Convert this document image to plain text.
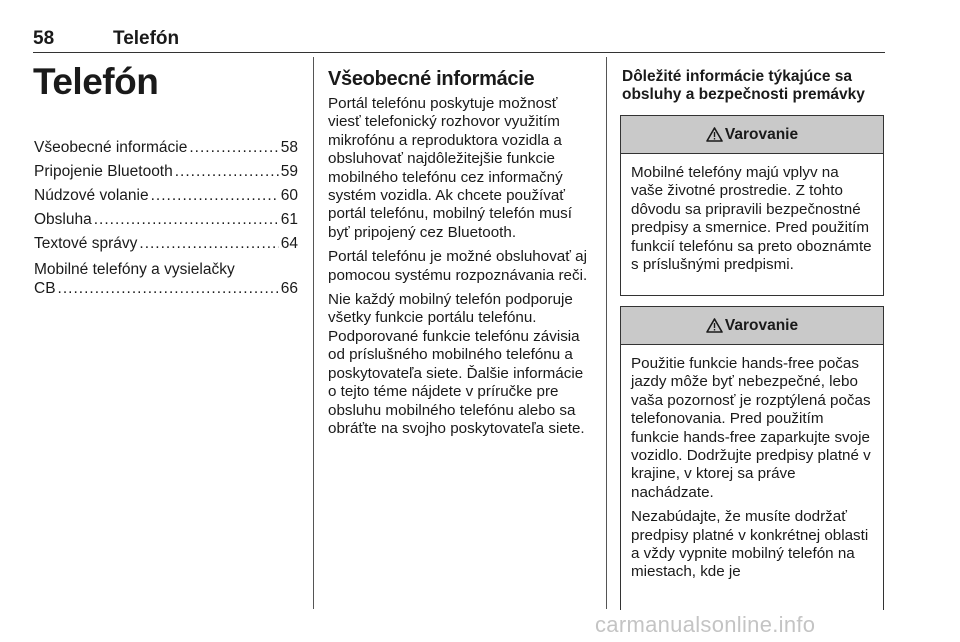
58	Telefón
Telefón
Všeobecné informácie .....	58
Pripojenie Bluetooth .....	59
Núdzové volanie .....	60
Obsluha .....	61
Textové správy .....	64
Mobilné telefóny a vysielačky
CB .....	66
Všeobecné informácie

Portál telefónu poskytuje možnosť viesť telefonický rozhovor využitím mikrofónu a reproduktora vozidla a obsluhovať najdôležitejšie funkcie mobilného telefónu cez informačný systém vozidla. Ak chcete používať portál telefónu, mobilný telefón musí byť pripojený cez Bluetooth.

Portál telefónu je možné obsluhovať aj pomocou systému rozpoznávania reči.

Nie každý mobilný telefón podporuje všetky funkcie portálu telefónu. Podporované funkcie telefónu závisia od príslušného mobilného telefónu a poskytovateľa siete. Ďalšie informácie o tejto téme nájdete v príručke pre obsluhu mobilného telefónu alebo sa obráťte na svojho poskytovateľa siete.

Dôležité informácie týkajúce sa obsluhy a bezpečnosti premávky
Varovanie

Mobilné telefóny majú vplyv na vaše životné prostredie. Z tohto dôvodu sa pripravili bezpečnostné predpisy a smernice. Pred použitím funkcií telefónu sa preto oboznámte s príslušnými predpismi.

Varovanie

Použitie funkcie hands-free počas jazdy môže byť nebezpečné, lebo vaša pozornosť je rozptýlená počas telefonovania. Pred použitím funkcie hands-free zaparkujte svoje vozidlo. Dodržujte predpisy platné v krajine, v ktorej sa práve nachádzate.

Nezabúdajte, že musíte dodržať predpisy platné v konkrétnej oblasti a vždy vypnite mobilný telefón na miestach, kde je

carmanualsonline.info
